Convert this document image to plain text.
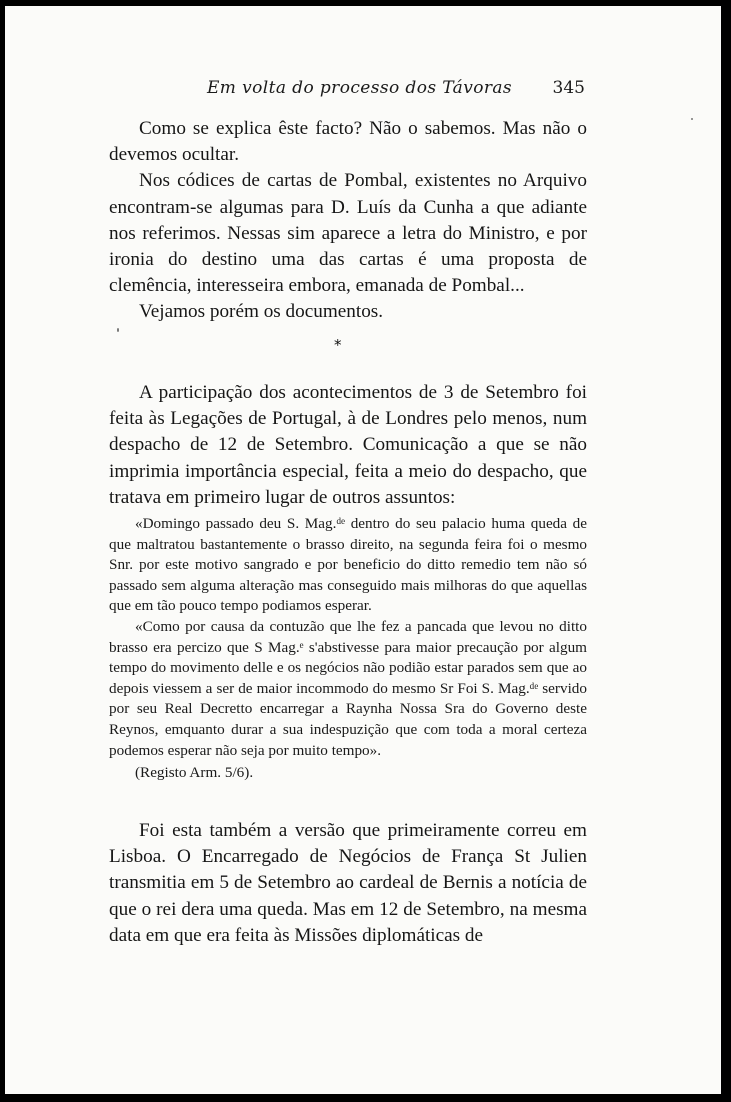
Em volta do processo dos Távoras 345

Como se explica êste facto? Não o sabemos. Mas não o devemos ocultar.

Nos códices de cartas de Pombal, existentes no Arquivo encontram-se algumas para D. Luís da Cunha a que adiante nos referimos. Nessas sim aparece a letra do Ministro, e por ironia do destino uma das cartas é uma proposta de clemência, interesseira embora, emanada de Pombal...

Vejamos porém os documentos.

*

A participação dos acontecimentos de 3 de Setembro foi feita às Legações de Portugal, à de Londres pelo menos, num despacho de 12 de Setembro. Comunicação a que se não imprimia importância especial, feita a meio do despacho, que tratava em primeiro lugar de outros assuntos:

«Domingo passado deu S. Mag.ᵈᵉ dentro do seu palacio huma queda de que maltratou bastantemente o brasso direito, na segunda feira foi o mesmo Snr. por este motivo sangrado e por beneficio do ditto remedio tem não só passado sem alguma alteração mas conseguido mais milhoras do que aquellas que em tão pouco tempo podiamos esperar.

«Como por causa da contuzão que lhe fez a pancada que levou no ditto brasso era percizo que S Mag.ᵉ s'abstivesse para maior precaução por algum tempo do movimento delle e os negócios não podião estar parados sem que ao depois viessem a ser de maior incommodo do mesmo Sr Foi S. Mag.ᵈᵉ servido por seu Real Decretto encarregar a Raynha Nossa Sra do Governo deste Reynos, emquanto durar a sua indespuzição que com toda a moral certeza podemos esperar não seja por muito tempo».

(Registo Arm. 5/6).

Foi esta também a versão que primeiramente correu em Lisboa. O Encarregado de Negócios de França St Julien transmitia em 5 de Setembro ao cardeal de Bernis a notícia de que o rei dera uma queda. Mas em 12 de Setembro, na mesma data em que era feita às Missões diplomáticas de
